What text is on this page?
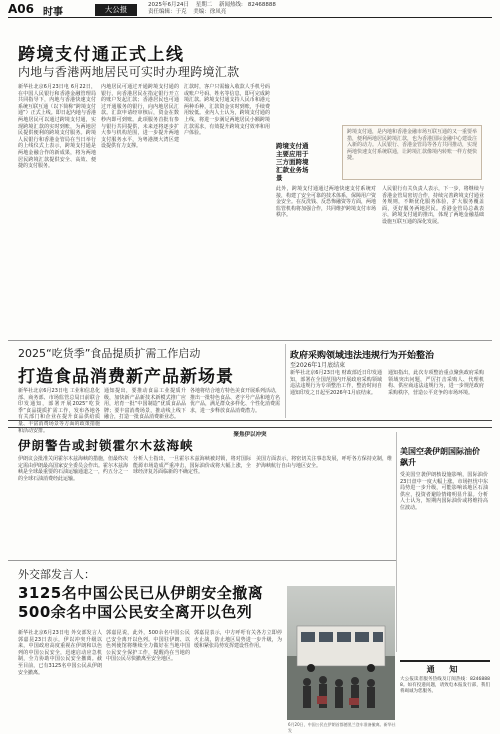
A06 时事	大公报	2025年6月24日 星期二 新闻热线: 82468888
责任编辑：于克 美编：徐凤亮
跨境支付通正式上线
内地与香港两地居民可实时办理跨境汇款
新华社北京6月23日电 6月22日，在中国人民银行和香港金融管理局共同指导下，内地与香港快速支付系统互联互通（以下简称“跨境支付通”）正式上线。即日起内地与香港两地居民可以通过跨境支付通，实现跨境汇款的实时到账，为两地居民提供便利的跨境支付服务。跨境人民银行和香港金管局在当日举行的上线仪式上表示，跨境支付通是两地金融合作的新成果，将为两地居民跨境汇款提供安全、高效、便捷的支付服务。
内地居民可通过开通跨境支付通的银行，向香港居民在指定银行开立的账户发起汇款；香港居民也可通过开通服务的银行，向内地居民汇款。汇款申请经审核后，资金在数秒内即可到账。此项服务首批有参与银行共同提供，未来还将逐步扩大参与机构范围，进一步提升两地支付服务水平，为粤港澳大湾区建设提供有力支撑。
汇款时，客户只需输入收款人手机号码或账户号码、姓名等信息，即可完成跨境汇款。跨境支付通支持人民币和港元两种币种，汇款资金实时到账，手续费用较低。业内人士认为，跨境支付通的上线，将进一步满足两地居民小额跨境汇款需求，有效提升跨境支付效率和用户体验。	跨境支付通，是内地和香港金融市场互联互通的又一重要举措，便利两地居民跨境汇款，也为香港国际金融中心建设注入新的动力。人民银行、香港金管局等各方共同推动，实现两地快速支付系统联通，让跨境汇款像境内转账一样方便快捷。
跨境支付通主要应用于三方面跨境汇款业务场景
此外，跨境支付通通过两地快速支付系统对接，构建了安全可靠的技术体系，保障用户资金安全。在反洗钱、反恐怖融资等方面，两地监管机构将加强合作，共同维护跨境支付市场秩序。
人民银行有关负责人表示，下一步，将继续与香港金管局密切合作，持续完善跨境支付通业务规则，不断优化服务体验，扩大服务覆盖面，更好服务两地居民。香港金管局总裁表示，跨境支付通的推出，体现了两地金融基础设施互联互通的深化发展。
2025“吃货季”食品提质扩需工作启动
打造食品消费新产品新场景
新华社北京6月23日电 工业和信息化部、商务部、市场监管总局日前联合印发通知，部署开展2025“吃货季”食品提质扩需工作，发布各地各有关部门和企业在提升食品供给质量、丰富消费场景等方面的政策措施和活动安排。
通知提出，要推动食品工业提质升级，加快新产品新技术新模式推广应用，培育一批“中国制造”优质食品品牌；要丰富消费场景，推动线上线下融合，打造一批食品消费新业态。
各地将结合地方特色美食开展系列活动，推出一批特色食品、老字号产品和地方名优产品，满足群众多样化、个性化消费需求，进一步释放食品消费潜力。
政府采购领域违法违规行为开始整治
至2026年1月底结束
新华社北京6月23日电 财政部近日印发通知，部署在全国范围内开展政府采购领域违法违规行为专项整治工作，整治时间自通知印发之日起至2026年1月底结束。
通知指出，此次专项整治重点聚焦政府采购领域突出问题，严厉打击采购人、代理机构、供应商违法违规行为，进一步规范政府采购秩序，营造公平竞争的市场环境。
聚焦伊以冲突
伊朗警告或封锁霍尔木兹海峡
伊朗议会批准关闭霍尔木兹海峡的措施，但最终决定需由伊朗最高国家安全委员会作出。霍尔木兹海峡是全球最重要的石油运输通道之一，约五分之一的全球石油消费经此运输。
分析人士指出，一旦霍尔木兹海峡被封锁，将对国际能源市场造成严重冲击，国际油价或将大幅上涨，全球经济复苏面临新的不确定性。
美国方面表示，将密切关注事态发展，呼吁各方保持克制，维护海峡航行自由与地区安全。
美国空袭伊朗国际油价飙升
受美国空袭伊朗核设施影响，国际油价23日盘中一度大幅上涨。市场担忧中东局势进一步升级，可能影响该地区石油供应，投资者避险情绪明显升温。分析人士认为，短期内国际油价或将维持高位波动。
外交部发言人：
3125名中国公民已从伊朗安全撤离
500余名中国公民安全离开以色列
新华社北京6月23日电 外交部发言人郭嘉昆23日表示，伊以冲突升级以来，中国政府高度重视在伊朗和以色列的中国公民安全，迅速启动应急机制，全力协助中国公民安全撤离。截至目前，已有3125名中国公民从伊朗安全撤离。
郭嘉昆说，此外，500余名中国公民已安全离开以色列。中国驻伊朗、以色列使馆将继续全力做好在当地中国公民安全保护工作，提醒尚在当地的中国公民尽快撤离至安全地区。
郭嘉昆表示，中方呼吁有关各方立即停火止战，防止地区局势进一步升级，为缓和紧张局势发挥建设性作用。
6月20日，中国公民在伊朗首都德黑兰登车准备撤离。新华社发
通 知
大公报读者服务热线及订阅热线：82468888。如有投递问题，请致电本报发行部，我们将竭诚为您服务。
